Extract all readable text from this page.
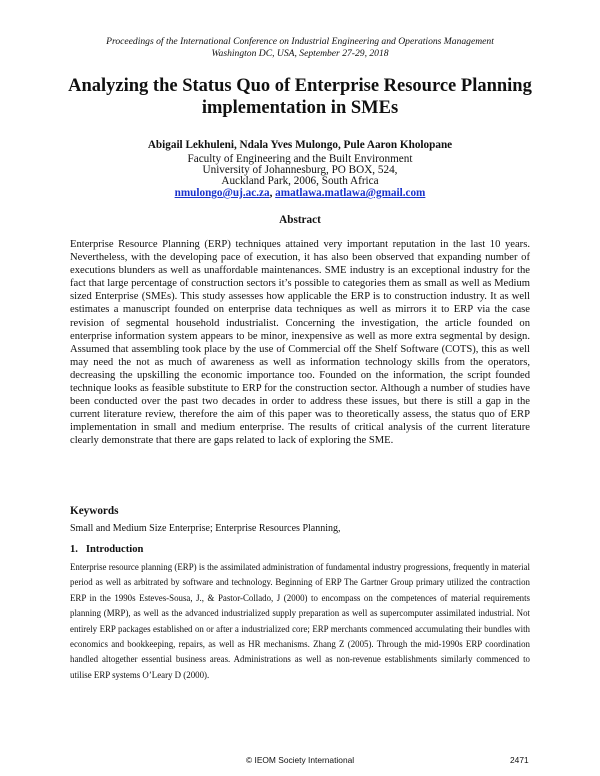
Proceedings of the International Conference on Industrial Engineering and Operations Management
Washington DC, USA, September 27-29, 2018
Analyzing the Status Quo of Enterprise Resource Planning implementation in SMEs
Abigail Lekhuleni, Ndala Yves Mulongo, Pule Aaron Kholopane
Faculty of Engineering and the Built Environment
University of Johannesburg, PO BOX, 524,
Auckland Park, 2006, South Africa
nmulongo@uj.ac.za, amatlawa.matlawa@gmail.com
Abstract

Enterprise Resource Planning (ERP) techniques attained very important reputation in the last 10 years. Nevertheless, with the developing pace of execution, it has also been observed that expanding number of executions blunders as well as unaffordable maintenances. SME industry is an exceptional industry for the fact that large percentage of construction sectors it’s possible to categories them as small as well as Medium sized Enterprise (SMEs). This study assesses how applicable the ERP is to construction industry. It as well estimates a manuscript founded on enterprise data techniques as well as mirrors it to ERP via the case revision of segmental household industrialist. Concerning the investigation, the article founded on enterprise information system appears to be minor, inexpensive as well as more extra segmental by design. Assumed that assembling took place by the use of Commercial off the Shelf Software (COTS), this as well may need the not as much of awareness as well as information technology skills from the operators, decreasing the upskilling the economic importance too. Founded on the information, the script founded technique looks as feasible substitute to ERP for the construction sector. Although a number of studies have been conducted over the past two decades in order to address these issues, but there is still a gap in the current literature review, therefore the aim of this paper was to theoretically assess, the status quo of ERP implementation in small and medium enterprise. The results of critical analysis of the current literature clearly demonstrate that there are gaps related to lack of exploring the SME.

Keywords
Small and Medium Size Enterprise; Enterprise Resources Planning,
1.   Introduction

Enterprise resource planning (ERP) is the assimilated administration of fundamental industry progressions, frequently in material period as well as arbitrated by software and technology. Beginning of ERP The Gartner Group primary utilized the contraction ERP in the 1990s Esteves-Sousa, J., & Pastor-Collado, J (2000) to encompass on the competences of material requirements planning (MRP), as well as the advanced industrialized supply preparation as well as supercomputer assimilated industrial. Not entirely ERP packages established on or after a industrialized core; ERP merchants commenced accumulating their bundles with economics and bookkeeping, repairs, as well as HR mechanisms. Zhang Z (2005). Through the mid-1990s ERP coordination handled altogether essential business areas. Administrations as well as non-revenue establishments similarly commenced to utilise ERP systems O’Leary D (2000).

© IEOM Society International	2471
